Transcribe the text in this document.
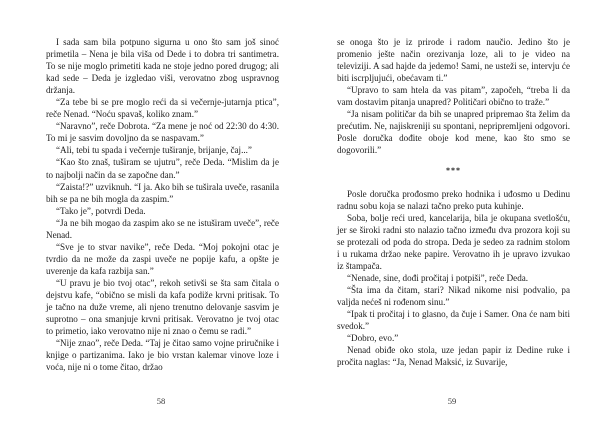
I sada sam bila potpuno sigurna u ono što sam još sinoć primetila – Nena je bila viša od Dede i to dobra tri santimetra. To se nije moglo primetiti kada ne stoje jedno pored drugog; ali kad sede – Deda je izgledao viši, verovatno zbog uspravnog držanja.

“Za tebe bi se pre moglo reći da si večernje-jutarnja ptica”, reče Nenad. “Noću spavaš, koliko znam.”

“Naravno”, reče Dobrota. “Za mene je noć od 22:30 do 4:30. To mi je sasvim dovoljno da se naspavam.”

“Ali, tebi tu spada i večernje tuširanje, brijanje, čaj...”

“Kao što znaš, tuširam se ujutru”, reče Deda. “Mislim da je to najbolji način da se započne dan.”

“Zaista!?” uzviknuh. “I ja. Ako bih se tuširala uveče, rasanila bih se pa ne bih mogla da zaspim.”

“Tako je”, potvrdi Deda.

“Ja ne bih mogao da zaspim ako se ne istuširam uveče”, reče Nenad.

“Sve je to stvar navike”, reče Deda. “Moj pokojni otac je tvrdio da ne može da zaspi uveče ne popije kafu, a opšte je uverenje da kafa razbija san.”

“U pravu je bio tvoj otac”, rekoh setivši se šta sam čitala o dejstvu kafe, “obično se misli da kafa podiže krvni pritisak. To je tačno na duže vreme, ali njeno trenutno delovanje sasvim je suprotno – ona smanjuje krvni pritisak. Verovatno je tvoj otac to primetio, iako verovatno nije ni znao o čemu se radi.”

“Nije znao”, reče Deda. “Taj je čitao samo vojne priručnike i knjige o partizanima. Iako je bio vrstan kalemar vinove loze i voća, nije ni o tome čitao, držao

58

se onoga što je iz prirode i radom naučio. Jedino što je promenio ješte način orezivanja loze, ali to je video na televiziji. A sad hajde da jedemo! Sami, ne usteži se, intervju će biti iscrpljujući, obećavam ti.”

“Upravo to sam htela da vas pitam”, započeh, “treba li da vam dostavim pitanja unapred? Političari obično to traže.”

“Ja nisam političar da bih se unapred pripremao šta želim da prećutim. Ne, najiskreniji su spontani, nepripremljeni odgovori. Posle doručka dođite oboje kod mene, kao što smo se dogovorili.”

***

Posle doručka prođosmo preko hodnika i uđosmo u Dedinu radnu sobu koja se nalazi tačno preko puta kuhinje.

Soba, bolje reći ured, kancelarija, bila je okupana svetlošću, jer se široki radni sto nalazio tačno između dva prozora koji su se protezali od poda do stropa. Deda je sedeo za radnim stolom i u rukama držao neke papire. Verovatno ih je upravo izvukao iz štampača.

“Nenade, sine, dođi pročitaj i potpiši”, reče Deda.

“Šta ima da čitam, stari? Nikad nikome nisi podvalio, pa valjda nećeš ni rođenom sinu.”

“Ipak ti pročitaj i to glasno, da čuje i Samer. Ona će nam biti svedok.”

“Dobro, evo.”

Nenad obiđe oko stola, uze jedan papir iz Dedine ruke i pročita naglas: “Ja, Nenad Maksić, iz Suvarije,

59
